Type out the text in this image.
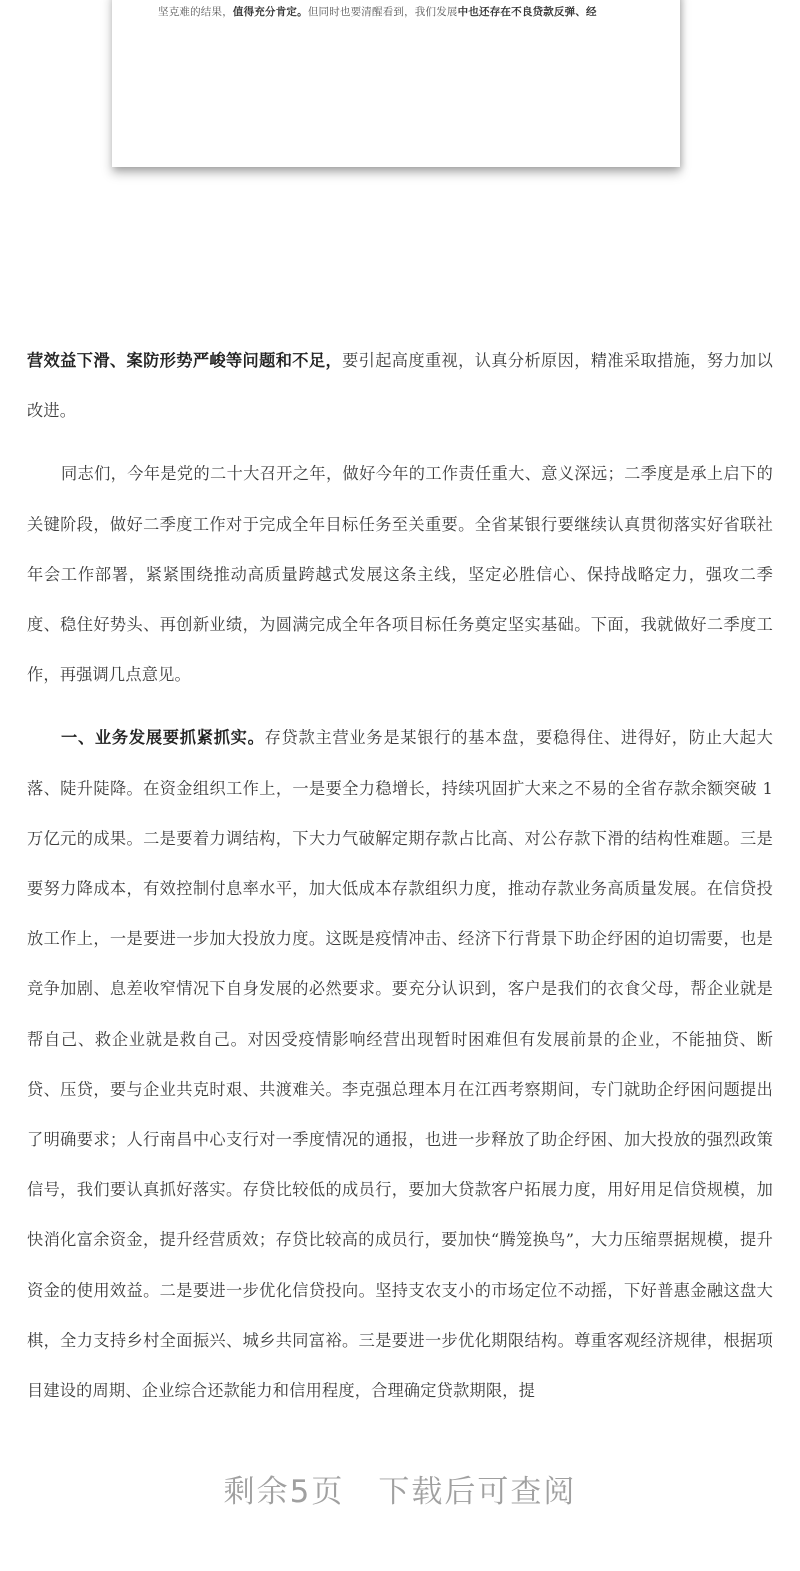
坚克难的结果，值得充分肯定。但同时也要清醒看到，我们发展中也还存在不良贷款反弹、经

营效益下滑、案防形势严峻等问题和不足，要引起高度重视，认真分析原因，精准采取措施，努力加以改进。

同志们，今年是党的二十大召开之年，做好今年的工作责任重大、意义深远；二季度是承上启下的关键阶段，做好二季度工作对于完成全年目标任务至关重要。全省某银行要继续认真贯彻落实好省联社年会工作部署，紧紧围绕推动高质量跨越式发展这条主线，坚定必胜信心、保持战略定力，强攻二季度、稳住好势头、再创新业绩，为圆满完成全年各项目标任务奠定坚实基础。下面，我就做好二季度工作，再强调几点意见。

一、业务发展要抓紧抓实。存贷款主营业务是某银行的基本盘，要稳得住、进得好，防止大起大落、陡升陡降。在资金组织工作上，一是要全力稳增长，持续巩固扩大来之不易的全省存款余额突破 1 万亿元的成果。二是要着力调结构，下大力气破解定期存款占比高、对公存款下滑的结构性难题。三是要努力降成本，有效控制付息率水平，加大低成本存款组织力度，推动存款业务高质量发展。在信贷投放工作上，一是要进一步加大投放力度。这既是疫情冲击、经济下行背景下助企纾困的迫切需要，也是竞争加剧、息差收窄情况下自身发展的必然要求。要充分认识到，客户是我们的衣食父母，帮企业就是帮自己、救企业就是救自己。对因受疫情影响经营出现暂时困难但有发展前景的企业，不能抽贷、断贷、压贷，要与企业共克时艰、共渡难关。李克强总理本月在江西考察期间，专门就助企纾困问题提出了明确要求；人行南昌中心支行对一季度情况的通报，也进一步释放了助企纾困、加大投放的强烈政策信号，我们要认真抓好落实。存贷比较低的成员行，要加大贷款客户拓展力度，用好用足信贷规模，加快消化富余资金，提升经营质效；存贷比较高的成员行，要加快“腾笼换鸟”，大力压缩票据规模，提升资金的使用效益。二是要进一步优化信贷投向。坚持支农支小的市场定位不动摇，下好普惠金融这盘大棋，全力支持乡村全面振兴、城乡共同富裕。三是要进一步优化期限结构。尊重客观经济规律，根据项目建设的周期、企业综合还款能力和信用程度，合理确定贷款期限，提

剩余5页 下载后可查阅
